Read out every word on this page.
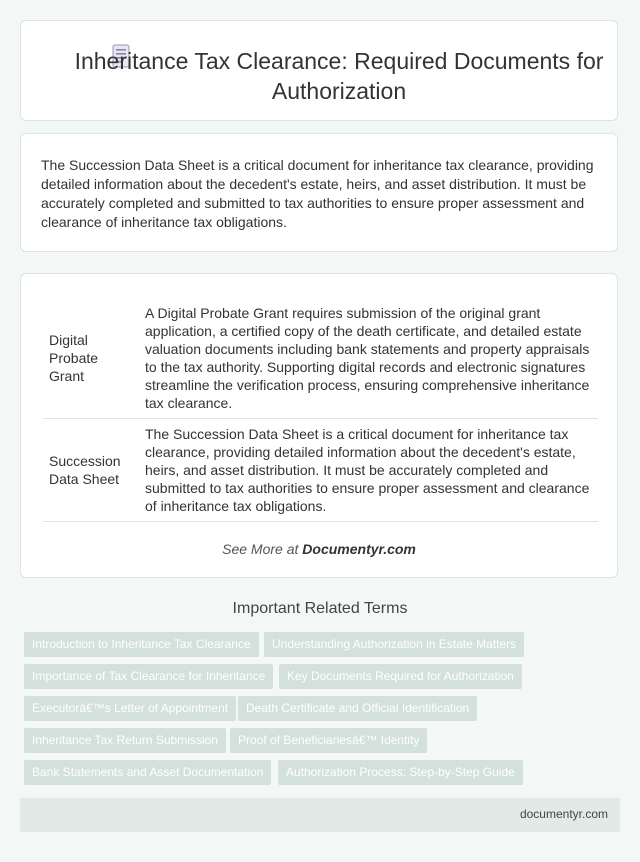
Inheritance Tax Clearance: Required Documents for Authorization

The Succession Data Sheet is a critical document for inheritance tax clearance, providing detailed information about the decedent's estate, heirs, and asset distribution. It must be accurately completed and submitted to tax authorities to ensure proper assessment and clearance of inheritance tax obligations.

Digital Probate Grant	A Digital Probate Grant requires submission of the original grant application, a certified copy of the death certificate, and detailed estate valuation documents including bank statements and property appraisals to the tax authority. Supporting digital records and electronic signatures streamline the verification process, ensuring comprehensive inheritance tax clearance.
Succession Data Sheet	The Succession Data Sheet is a critical document for inheritance tax clearance, providing detailed information about the decedent's estate, heirs, and asset distribution. It must be accurately completed and submitted to tax authorities to ensure proper assessment and clearance of inheritance tax obligations.
See More at Documentyr.com
Important Related Terms
Introduction to Inheritance Tax Clearance	Understanding Authorization in Estate Matters
Importance of Tax Clearance for Inheritance	Key Documents Required for Authorization
Executorâ€™s Letter of Appointment	Death Certificate and Official Identification
Inheritance Tax Return Submission	Proof of Beneficiariesâ€™ Identity
Bank Statements and Asset Documentation	Authorization Process: Step-by-Step Guide
documentyr.com
